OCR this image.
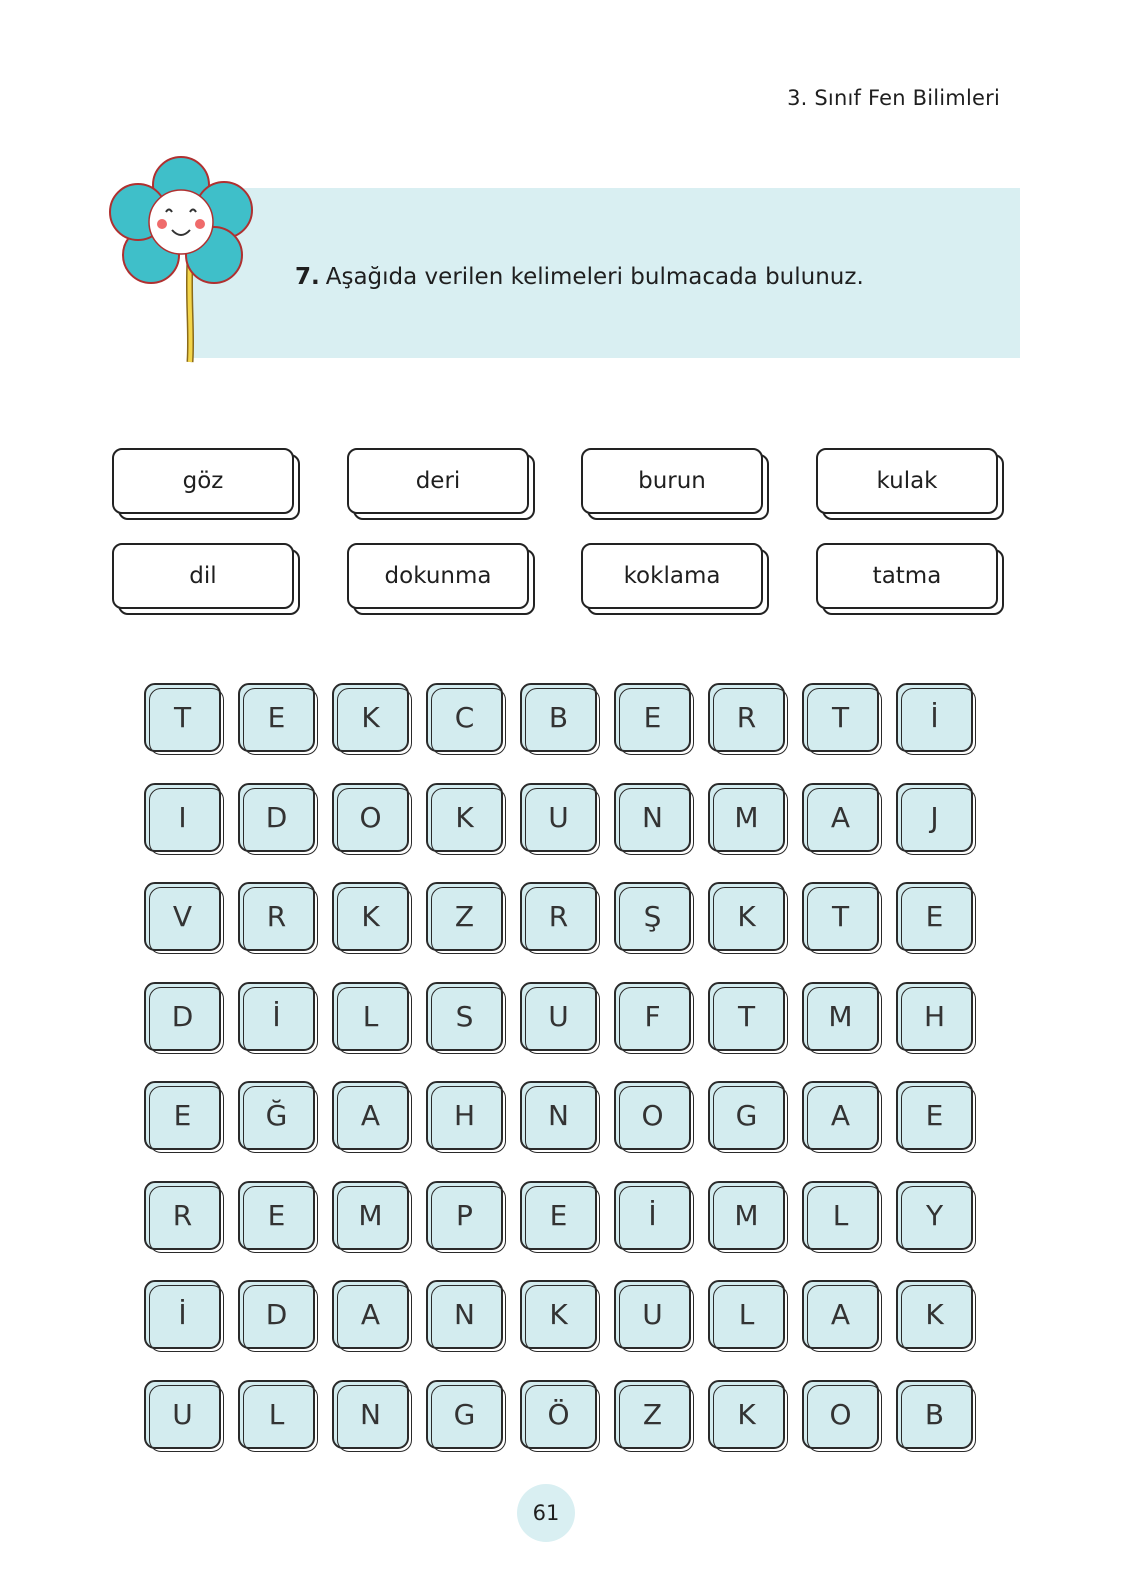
3. Sınıf Fen Bilimleri
7. Aşağıda verilen kelimeleri bulmacada bulunuz.
göz	deri	burun	kulak
dil	dokunma	koklama	tatma
T	E	K	C	B	E	R	T	İ
I	D	O	K	U	N	M	A	J
V	R	K	Z	R	Ş	K	T	E
D	İ	L	S	U	F	T	M	H
E	Ğ	A	H	N	O	G	A	E
R	E	M	P	E	İ	M	L	Y
İ	D	A	N	K	U	L	A	K
U	L	N	G	Ö	Z	K	O	B
61
